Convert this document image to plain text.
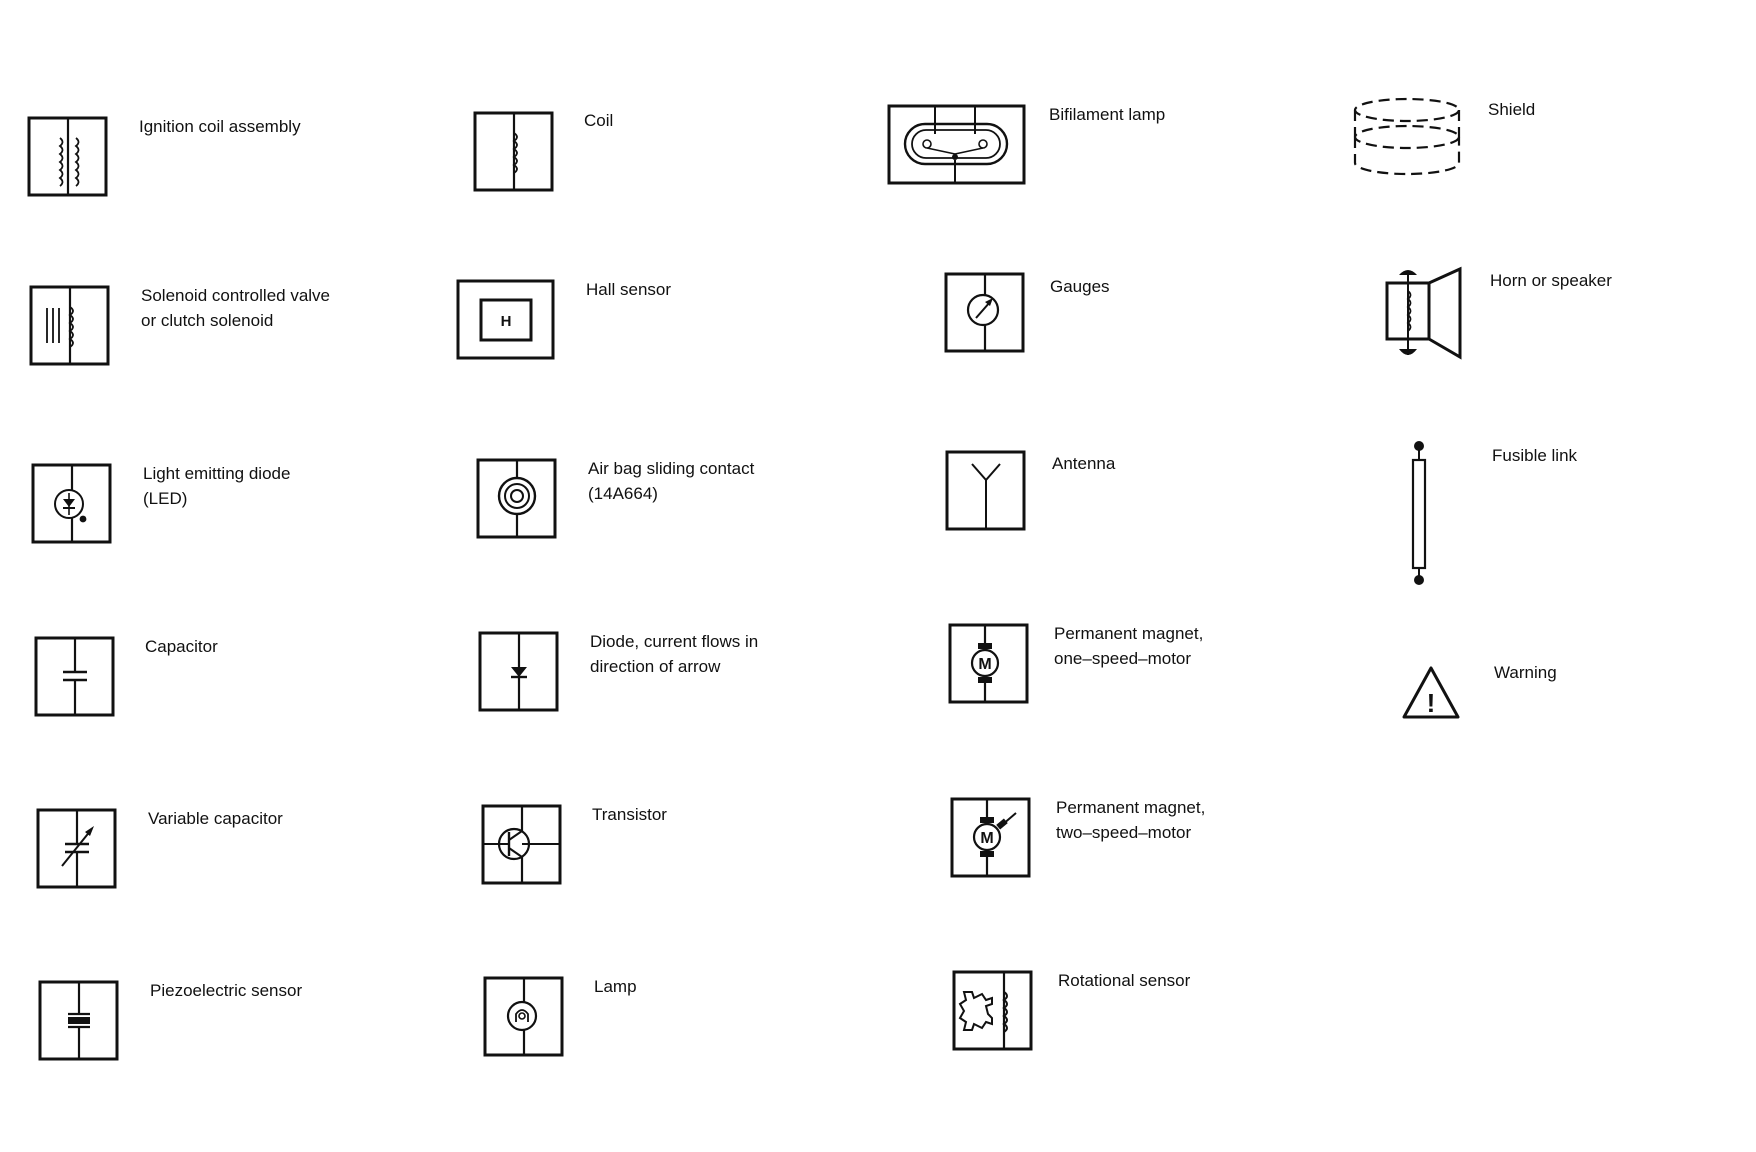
Ignition coil assembly
Solenoid controlled valve
or clutch solenoid
Light emitting diode
(LED)
Capacitor
Variable capacitor
Piezoelectric sensor
Coil
H
Hall sensor
Air bag sliding contact
(14A664)
Diode, current flows in
direction of arrow
Transistor
Lamp
Bifilament lamp
Gauges
Antenna
M
Permanent magnet,
one–speed–motor
M
Permanent magnet,
two–speed–motor
Rotational sensor
Shield
Horn or speaker
Fusible link
!
Warning
